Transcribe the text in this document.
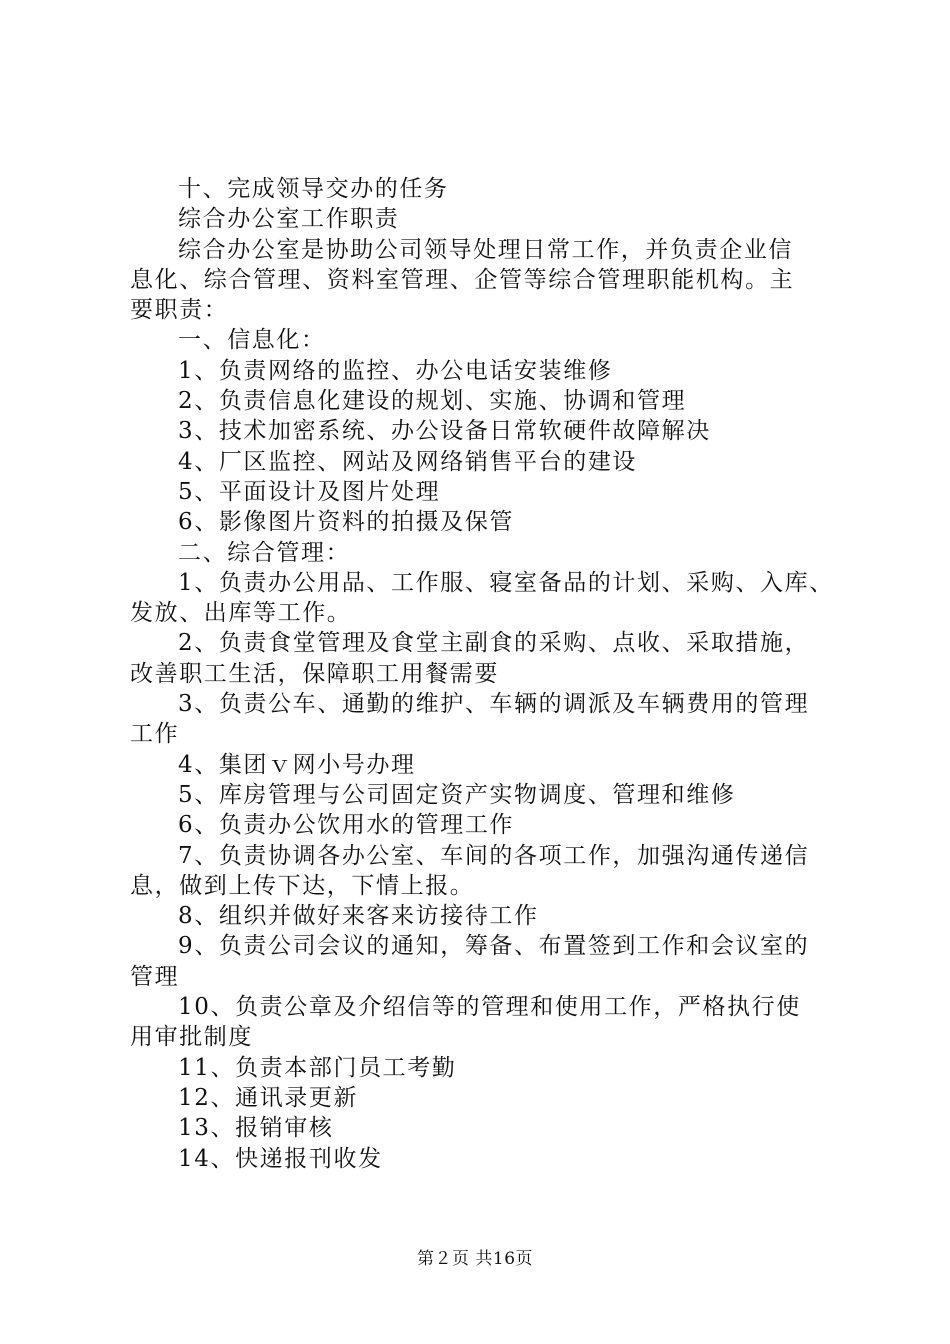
十、完成领导交办的任务
综合办公室工作职责
综合办公室是协助公司领导处理日常工作，并负责企业信
息化、综合管理、资料室管理、企管等综合管理职能机构。主
要职责：
一、信息化：
1、负责网络的监控、办公电话安装维修
2、负责信息化建设的规划、实施、协调和管理
3、技术加密系统、办公设备日常软硬件故障解决
4、厂区监控、网站及网络销售平台的建设
5、平面设计及图片处理
6、影像图片资料的拍摄及保管
二、综合管理：
1、负责办公用品、工作服、寝室备品的计划、采购、入库、
发放、出库等工作。
2、负责食堂管理及食堂主副食的采购、点收、采取措施，
改善职工生活，保障职工用餐需要
3、负责公车、通勤的维护、车辆的调派及车辆费用的管理
工作
4、集团ｖ网小号办理
5、库房管理与公司固定资产实物调度、管理和维修
6、负责办公饮用水的管理工作
7、负责协调各办公室、车间的各项工作，加强沟通传递信
息，做到上传下达，下情上报。
8、组织并做好来客来访接待工作
9、负责公司会议的通知，筹备、布置签到工作和会议室的
管理
10、负责公章及介绍信等的管理和使用工作，严格执行使
用审批制度
11、负责本部门员工考勤
12、通讯录更新
13、报销审核
14、快递报刊收发
第２页 共16页
